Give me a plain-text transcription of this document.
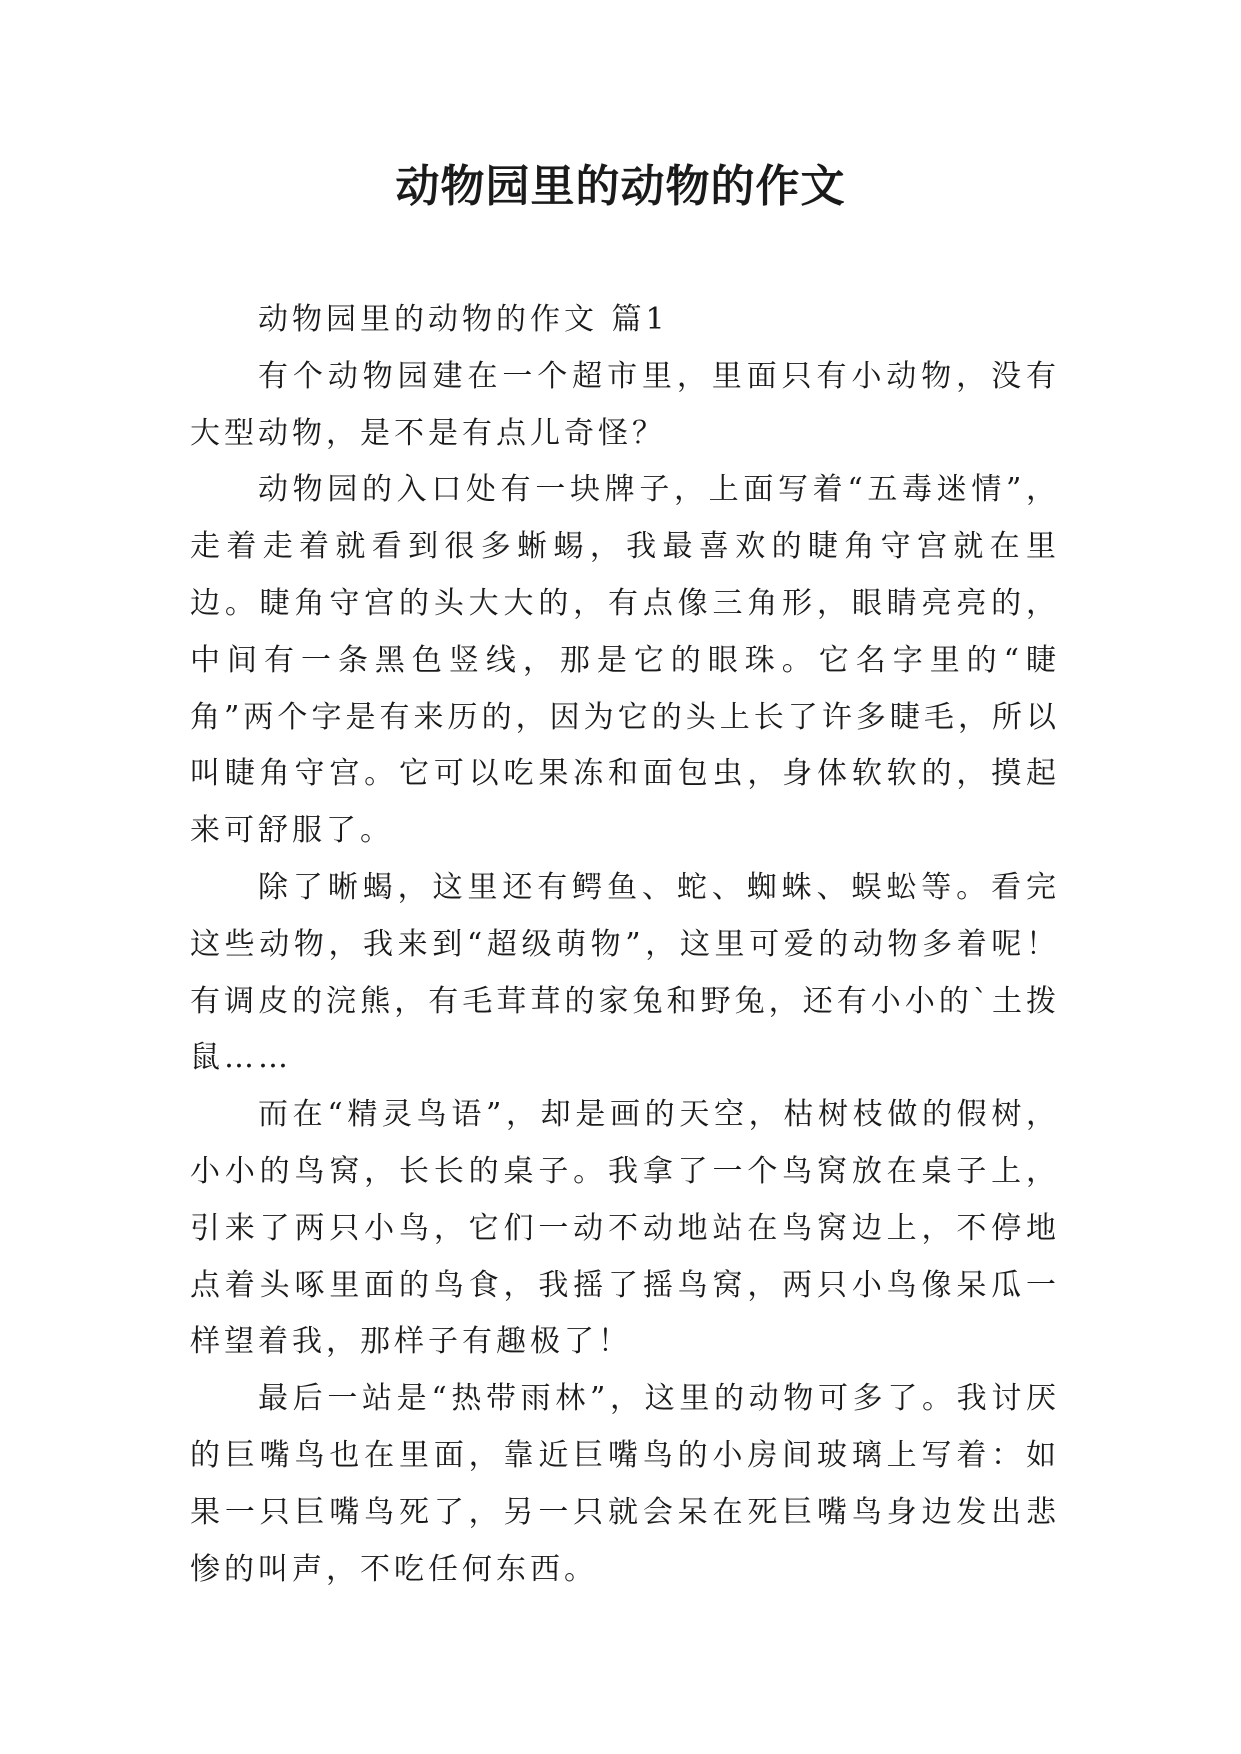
动物园里的动物的作文

动物园里的动物的作文 篇1

有个动物园建在一个超市里，里面只有小动物，没有大型动物，是不是有点儿奇怪？

动物园的入口处有一块牌子，上面写着“五毒迷情”，走着走着就看到很多蜥蜴，我最喜欢的睫角守宫就在里边。睫角守宫的头大大的，有点像三角形，眼睛亮亮的，中间有一条黑色竖线，那是它的眼珠。它名字里的“睫角”两个字是有来历的，因为它的头上长了许多睫毛，所以叫睫角守宫。它可以吃果冻和面包虫，身体软软的，摸起来可舒服了。

除了晰蝎，这里还有鳄鱼、蛇、蜘蛛、蜈蚣等。看完这些动物，我来到“超级萌物”，这里可爱的动物多着呢！有调皮的浣熊，有毛茸茸的家兔和野兔，还有小小的`土拨鼠……

而在“精灵鸟语”，却是画的天空，枯树枝做的假树，小小的鸟窝，长长的桌子。我拿了一个鸟窝放在桌子上，引来了两只小鸟，它们一动不动地站在鸟窝边上，不停地点着头啄里面的鸟食，我摇了摇鸟窝，两只小鸟像呆瓜一样望着我，那样子有趣极了！

最后一站是“热带雨林”，这里的动物可多了。我讨厌的巨嘴鸟也在里面，靠近巨嘴鸟的小房间玻璃上写着：如果一只巨嘴鸟死了，另一只就会呆在死巨嘴鸟身边发出悲惨的叫声，不吃任何东西。
